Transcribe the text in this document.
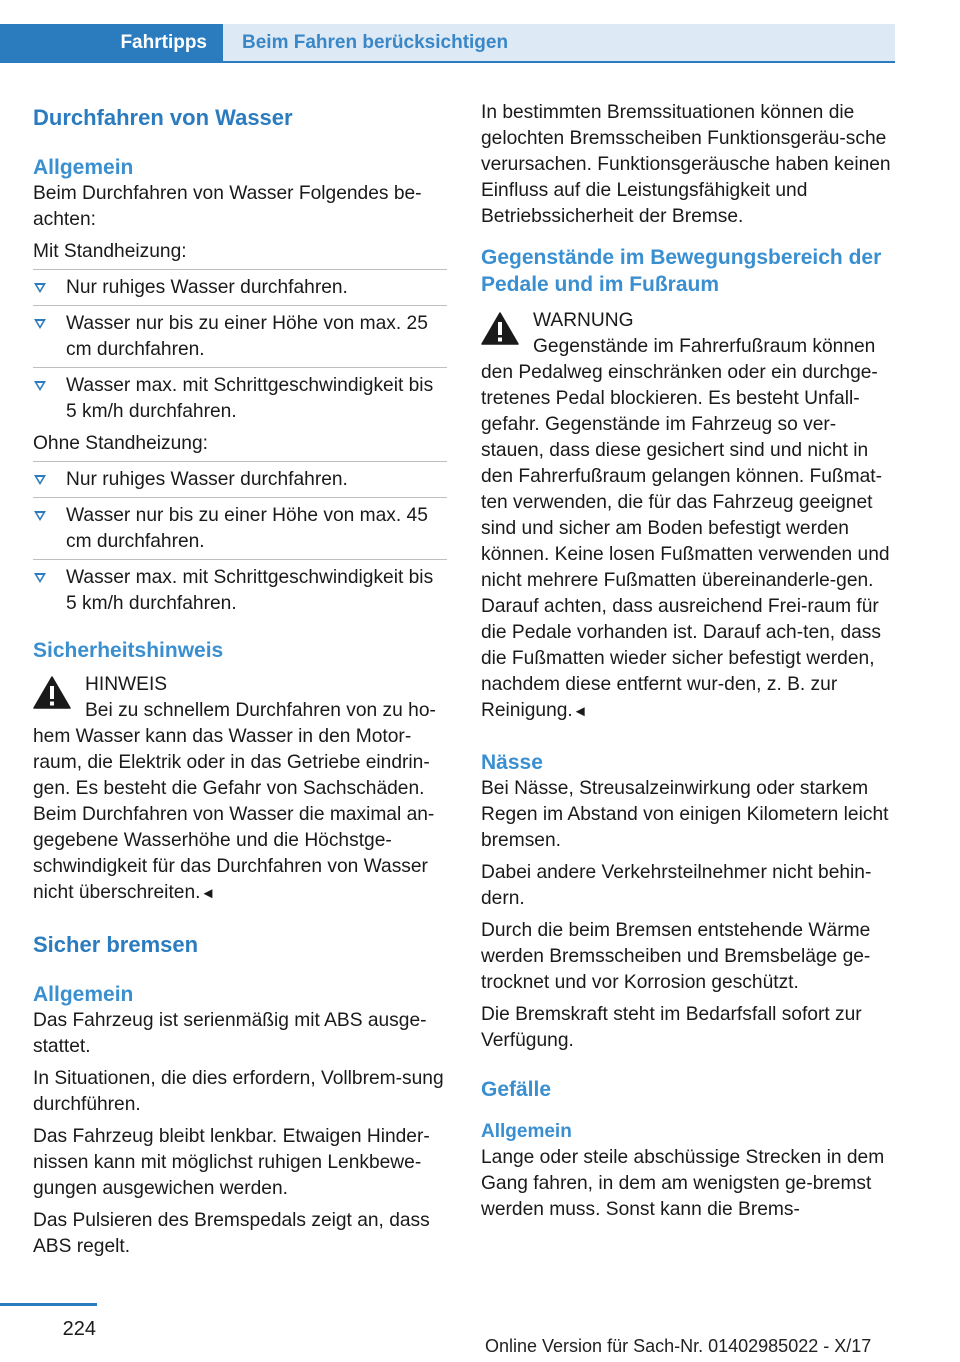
Fahrtipps	Beim Fahren berücksichtigen
Durchfahren von Wasser
Allgemein

Beim Durchfahren von Wasser Folgendes be-achten:

Mit Standheizung:

Nur ruhiges Wasser durchfahren.
Wasser nur bis zu einer Höhe von max. 25 cm durchfahren.
Wasser max. mit Schrittgeschwindigkeit bis 5 km/h durchfahren.

Ohne Standheizung:

Nur ruhiges Wasser durchfahren.
Wasser nur bis zu einer Höhe von max. 45 cm durchfahren.
Wasser max. mit Schrittgeschwindigkeit bis 5 km/h durchfahren.
Sicherheitshinweis
HINWEIS

Bei zu schnellem Durchfahren von zu ho-hem Wasser kann das Wasser in den Motor-raum, die Elektrik oder in das Getriebe eindrin-gen. Es besteht die Gefahr von Sachschäden. Beim Durchfahren von Wasser die maximal an-gegebene Wasserhöhe und die Höchstge-schwindigkeit für das Durchfahren von Wasser nicht überschreiten.◄

Sicher bremsen
Allgemein

Das Fahrzeug ist serienmäßig mit ABS ausge-stattet.

In Situationen, die dies erfordern, Vollbrem-sung durchführen.

Das Fahrzeug bleibt lenkbar. Etwaigen Hinder-nissen kann mit möglichst ruhigen Lenkbewe-gungen ausgewichen werden.

Das Pulsieren des Bremspedals zeigt an, dass ABS regelt.

In bestimmten Bremssituationen können die gelochten Bremsscheiben Funktionsgeräu-sche verursachen. Funktionsgeräusche haben keinen Einfluss auf die Leistungsfähigkeit und Betriebssicherheit der Bremse.

Gegenstände im Bewegungsbereich der Pedale und im Fußraum
WARNUNG

Gegenstände im Fahrerfußraum können den Pedalweg einschränken oder ein durchge-tretenes Pedal blockieren. Es besteht Unfall-gefahr. Gegenstände im Fahrzeug so ver-stauen, dass diese gesichert sind und nicht in den Fahrerfußraum gelangen können. Fußmat-ten verwenden, die für das Fahrzeug geeignet sind und sicher am Boden befestigt werden können. Keine losen Fußmatten verwenden und nicht mehrere Fußmatten übereinanderle-gen. Darauf achten, dass ausreichend Frei-raum für die Pedale vorhanden ist. Darauf ach-ten, dass die Fußmatten wieder sicher befestigt werden, nachdem diese entfernt wur-den, z. B. zur Reinigung.◄

Nässe

Bei Nässe, Streusalzeinwirkung oder starkem Regen im Abstand von einigen Kilometern leicht bremsen.

Dabei andere Verkehrsteilnehmer nicht behin-dern.

Durch die beim Bremsen entstehende Wärme werden Bremsscheiben und Bremsbeläge ge-trocknet und vor Korrosion geschützt.

Die Bremskraft steht im Bedarfsfall sofort zur Verfügung.

Gefälle
Allgemein

Lange oder steile abschüssige Strecken in dem Gang fahren, in dem am wenigsten ge-bremst werden muss. Sonst kann die Brems-

224
Online Version für Sach-Nr. 01402985022 - X/17
